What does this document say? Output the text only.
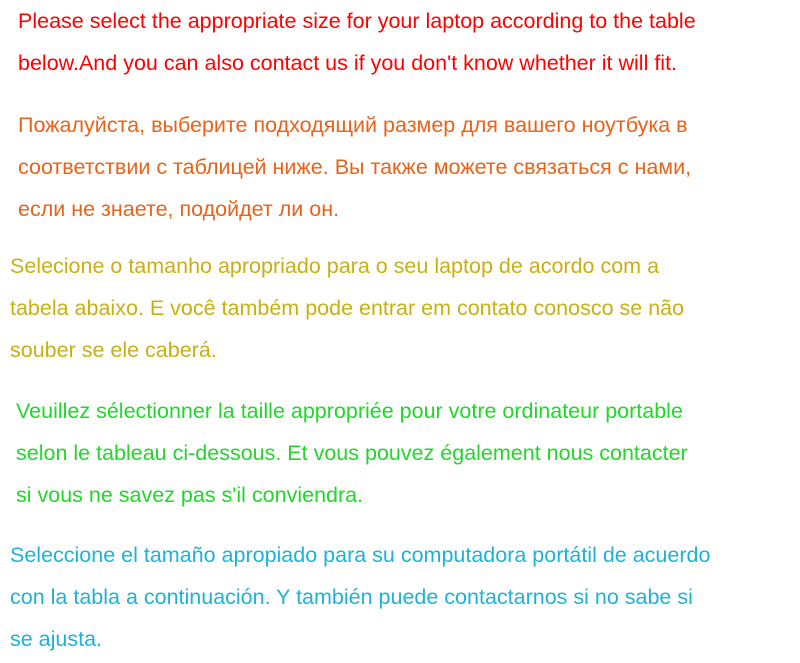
Please select the appropriate size for your laptop according to the table
below.And you can also contact us if you don't know whether it will fit.
Пожалуйста, выберите подходящий размер для вашего ноутбука в
соответствии с таблицей ниже. Вы также можете связаться с нами,
если не знаете, подойдет ли он.
Selecione o tamanho apropriado para o seu laptop de acordo com a
tabela abaixo. E você também pode entrar em contato conosco se não
souber se ele caberá.
Veuillez sélectionner la taille appropriée pour votre ordinateur portable
selon le tableau ci-dessous. Et vous pouvez également nous contacter
si vous ne savez pas s'il conviendra.
Seleccione el tamaño apropiado para su computadora portátil de acuerdo
con la tabla a continuación. Y también puede contactarnos si no sabe si
se ajusta.
